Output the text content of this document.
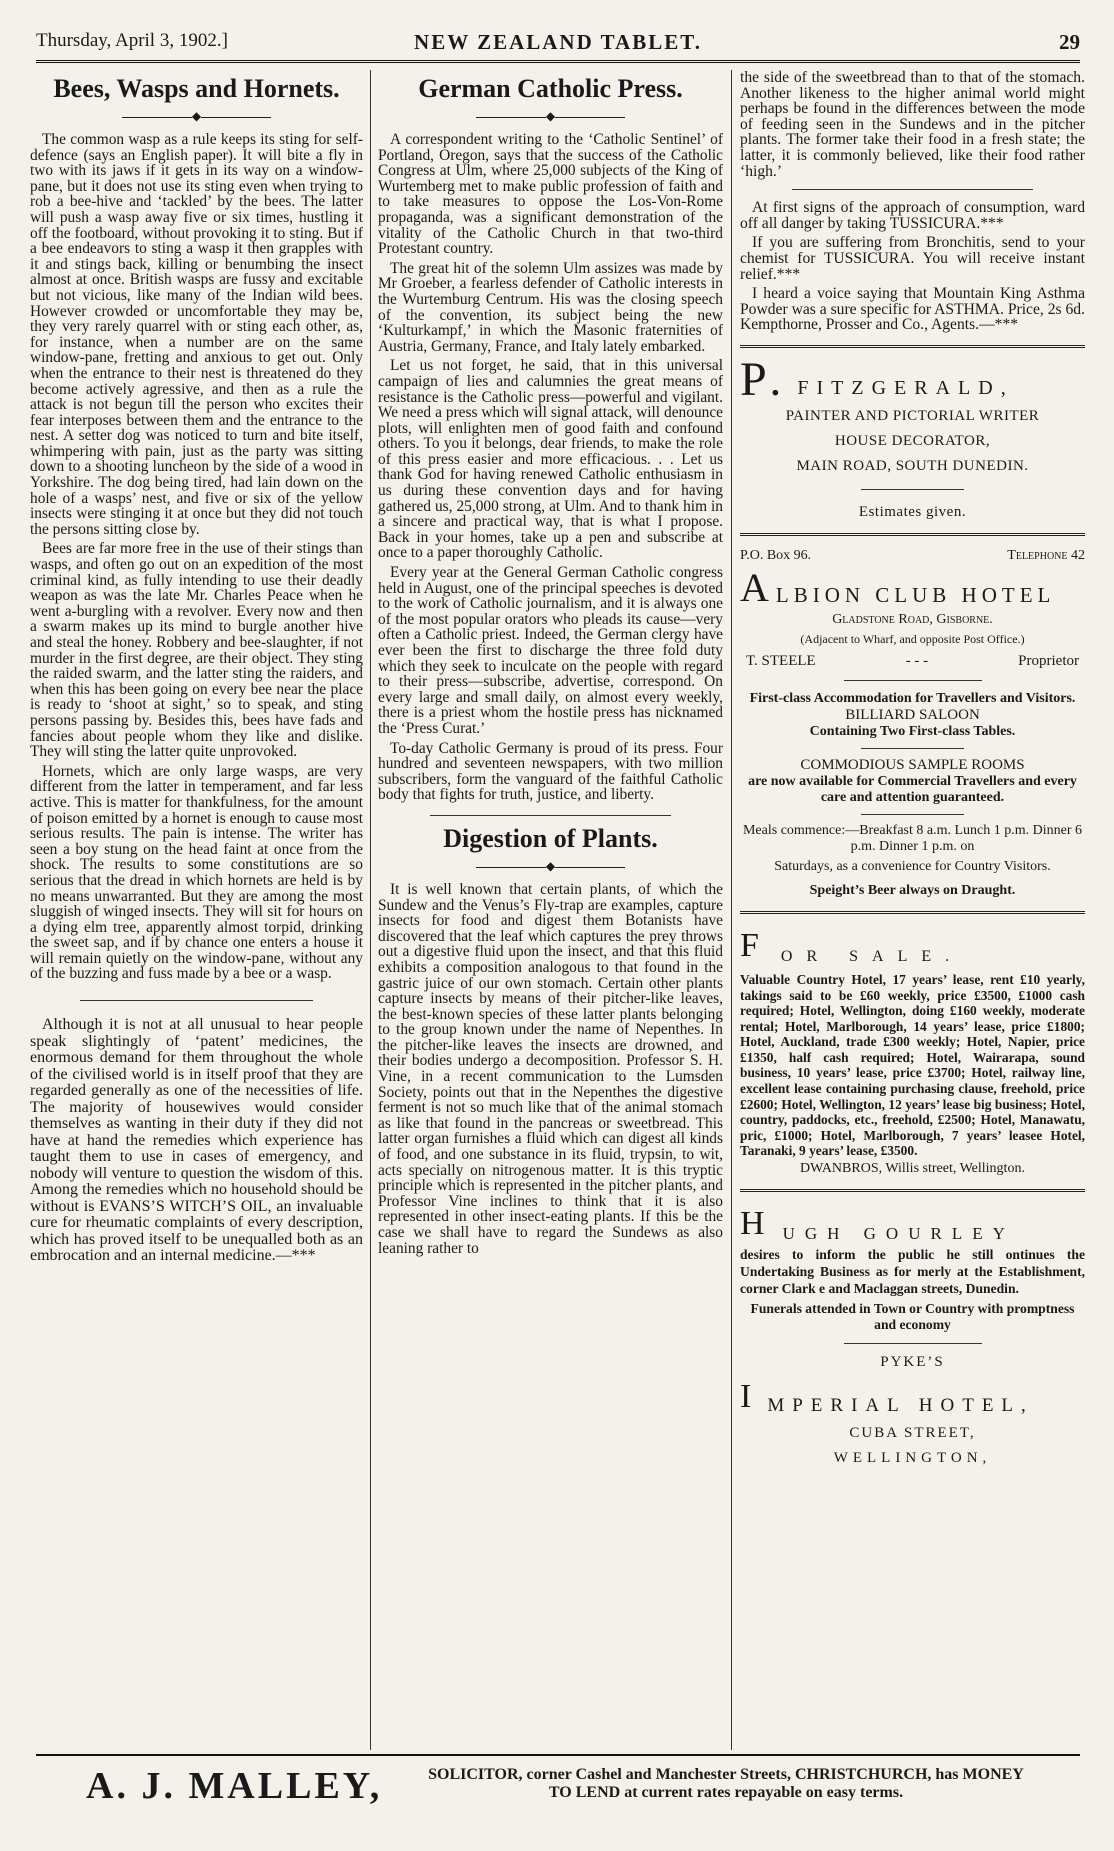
Thursday, April 3, 1902.]	NEW ZEALAND TABLET.	29
Bees, Wasps and Hornets.
◆

The common wasp as a rule keeps its sting for self-defence (says an English paper). It will bite a fly in two with its jaws if it gets in its way on a window-pane, but it does not use its sting even when trying to rob a bee-hive and ‘tackled’ by the bees. The latter will push a wasp away five or six times, hustling it off the footboard, without provoking it to sting. But if a bee endeavors to sting a wasp it then grapples with it and stings back, killing or benumbing the insect almost at once. British wasps are fussy and excitable but not vicious, like many of the Indian wild bees. However crowded or uncomfortable they may be, they very rarely quarrel with or sting each other, as, for instance, when a number are on the same window-pane, fretting and anxious to get out. Only when the entrance to their nest is threatened do they become actively agressive, and then as a rule the attack is not begun till the person who excites their fear interposes between them and the entrance to the nest. A setter dog was noticed to turn and bite itself, whimpering with pain, just as the party was sitting down to a shooting luncheon by the side of a wood in Yorkshire. The dog being tired, had lain down on the hole of a wasps’ nest, and five or six of the yellow insects were stinging it at once but they did not touch the persons sitting close by.

Bees are far more free in the use of their stings than wasps, and often go out on an expedition of the most criminal kind, as fully intending to use their deadly weapon as was the late Mr. Charles Peace when he went a-burgling with a revolver. Every now and then a swarm makes up its mind to burgle another hive and steal the honey. Robbery and bee-slaughter, if not murder in the first degree, are their object. They sting the raided swarm, and the latter sting the raiders, and when this has been going on every bee near the place is ready to ‘shoot at sight,’ so to speak, and sting persons passing by. Besides this, bees have fads and fancies about people whom they like and dislike. They will sting the latter quite unprovoked.

Hornets, which are only large wasps, are very different from the latter in temperament, and far less active. This is matter for thankfulness, for the amount of poison emitted by a hornet is enough to cause most serious results. The pain is intense. The writer has seen a boy stung on the head faint at once from the shock. The results to some constitutions are so serious that the dread in which hornets are held is by no means unwarranted. But they are among the most sluggish of winged insects. They will sit for hours on a dying elm tree, apparently almost torpid, drinking the sweet sap, and if by chance one enters a house it will remain quietly on the window-pane, without any of the buzzing and fuss made by a bee or a wasp.

Although it is not at all unusual to hear people speak slightingly of ‘patent’ medicines, the enormous demand for them throughout the whole of the civilised world is in itself proof that they are regarded generally as one of the necessities of life. The majority of housewives would consider themselves as wanting in their duty if they did not have at hand the remedies which experience has taught them to use in cases of emergency, and nobody will venture to question the wisdom of this. Among the remedies which no household should be without is EVANS’S WITCH’S OIL, an invaluable cure for rheumatic complaints of every description, which has proved itself to be unequalled both as an embrocation and an internal medicine.—***

German Catholic Press.
◆

A correspondent writing to the ‘Catholic Sentinel’ of Portland, Oregon, says that the success of the Catholic Congress at Ulm, where 25,000 subjects of the King of Wurtemberg met to make public profession of faith and to take measures to oppose the Los-Von-Rome propaganda, was a significant demonstration of the vitality of the Catholic Church in that two-third Protestant country.

The great hit of the solemn Ulm assizes was made by Mr Groeber, a fearless defender of Catholic interests in the Wurtemburg Centrum. His was the closing speech of the convention, its subject being the new ‘Kulturkampf,’ in which the Masonic fraternities of Austria, Germany, France, and Italy lately embarked.

Let us not forget, he said, that in this universal campaign of lies and calumnies the great means of resistance is the Catholic press—powerful and vigilant. We need a press which will signal attack, will denounce plots, will enlighten men of good faith and confound others. To you it belongs, dear friends, to make the role of this press easier and more efficacious. . . Let us thank God for having renewed Catholic enthusiasm in us during these convention days and for having gathered us, 25,000 strong, at Ulm. And to thank him in a sincere and practical way, that is what I propose. Back in your homes, take up a pen and subscribe at once to a paper thoroughly Catholic.

Every year at the General German Catholic congress held in August, one of the principal speeches is devoted to the work of Catholic journalism, and it is always one of the most popular orators who pleads its cause—very often a Catholic priest. Indeed, the German clergy have ever been the first to discharge the three fold duty which they seek to inculcate on the people with regard to their press—subscribe, advertise, correspond. On every large and small daily, on almost every weekly, there is a priest whom the hostile press has nicknamed the ‘Press Curat.’

To-day Catholic Germany is proud of its press. Four hundred and seventeen newspapers, with two million subscribers, form the vanguard of the faithful Catholic body that fights for truth, justice, and liberty.

Digestion of Plants.
◆

It is well known that certain plants, of which the Sundew and the Venus’s Fly-trap are examples, capture insects for food and digest them Botanists have discovered that the leaf which captures the prey throws out a digestive fluid upon the insect, and that this fluid exhibits a composition analogous to that found in the gastric juice of our own stomach. Certain other plants capture insects by means of their pitcher-like leaves, the best-known species of these latter plants belonging to the group known under the name of Nepenthes. In the pitcher-like leaves the insects are drowned, and their bodies undergo a decomposition. Professor S. H. Vine, in a recent communication to the Lumsden Society, points out that in the Nepenthes the digestive ferment is not so much like that of the animal stomach as like that found in the pancreas or sweetbread. This latter organ furnishes a fluid which can digest all kinds of food, and one substance in its fluid, trypsin, to wit, acts specially on nitrogenous matter. It is this tryptic principle which is represented in the pitcher plants, and Professor Vine inclines to think that it is also represented in other insect-eating plants. If this be the case we shall have to regard the Sundews as also leaning rather to

the side of the sweetbread than to that of the stomach. Another likeness to the higher animal world might perhaps be found in the differences between the mode of feeding seen in the Sundews and in the pitcher plants. The former take their food in a fresh state; the latter, it is commonly believed, like their food rather ‘high.’

At first signs of the approach of consumption, ward off all danger by taking TUSSICURA.***

If you are suffering from Bronchitis, send to your chemist for TUSSICURA. You will receive instant relief.***

I heard a voice saying that Mountain King Asthma Powder was a sure specific for ASTHMA. Price, 2s 6d. Kempthorne, Prosser and Co., Agents.—***

P. FITZGERALD,
PAINTER AND PICTORIAL WRITER
HOUSE DECORATOR,
MAIN ROAD, SOUTH DUNEDIN.
Estimates given.
P.O. Box 96.	Telephone 42
A LBION CLUB HOTEL
Gladstone Road, Gisborne.
(Adjacent to Wharf, and opposite Post Office.)
T. STEELE	- - -	Proprietor
First-class Accommodation for Travellers and Visitors.
BILLIARD SALOON
Containing Two First-class Tables.
COMMODIOUS SAMPLE ROOMS
are now available for Commercial Travellers and every care and attention guaranteed.
Meals commence:—Breakfast 8 a.m. Lunch 1 p.m. Dinner 6 p.m. Dinner 1 p.m. on
Saturdays, as a convenience for Country Visitors.
Speight’s Beer always on Draught.
F OR SALE.

Valuable Country Hotel, 17 years’ lease, rent £10 yearly, takings said to be £60 weekly, price £3500, £1000 cash required; Hotel, Wellington, doing £160 weekly, moderate rental; Hotel, Marlborough, 14 years’ lease, price £1800; Hotel, Auckland, trade £300 weekly; Hotel, Napier, price £1350, half cash required; Hotel, Wairarapa, sound business, 10 years’ lease, price £3700; Hotel, railway line, excellent lease containing purchasing clause, freehold, price £2600; Hotel, Wellington, 12 years’ lease big business; Hotel, country, paddocks, etc., freehold, £2500; Hotel, Manawatu, pric, £1000; Hotel, Marlborough, 7 years’ leasee Hotel, Taranaki, 9 years’ lease, £3500.

DWANBROS, Willis street, Wellington.
H UGH GOURLEY

desires to inform the public he still ontinues the Undertaking Business as for merly at the Establishment, corner Clark e and Maclaggan streets, Dunedin.

Funerals attended in Town or Country with promptness and economy
PYKE’S
I MPERIAL HOTEL,
CUBA STREET,
WELLINGTON,
A. J. MALLEY,	SOLICITOR, corner Cashel and Manchester Streets, CHRISTCHURCH, has MONEY
TO LEND at current rates repayable on easy terms.
